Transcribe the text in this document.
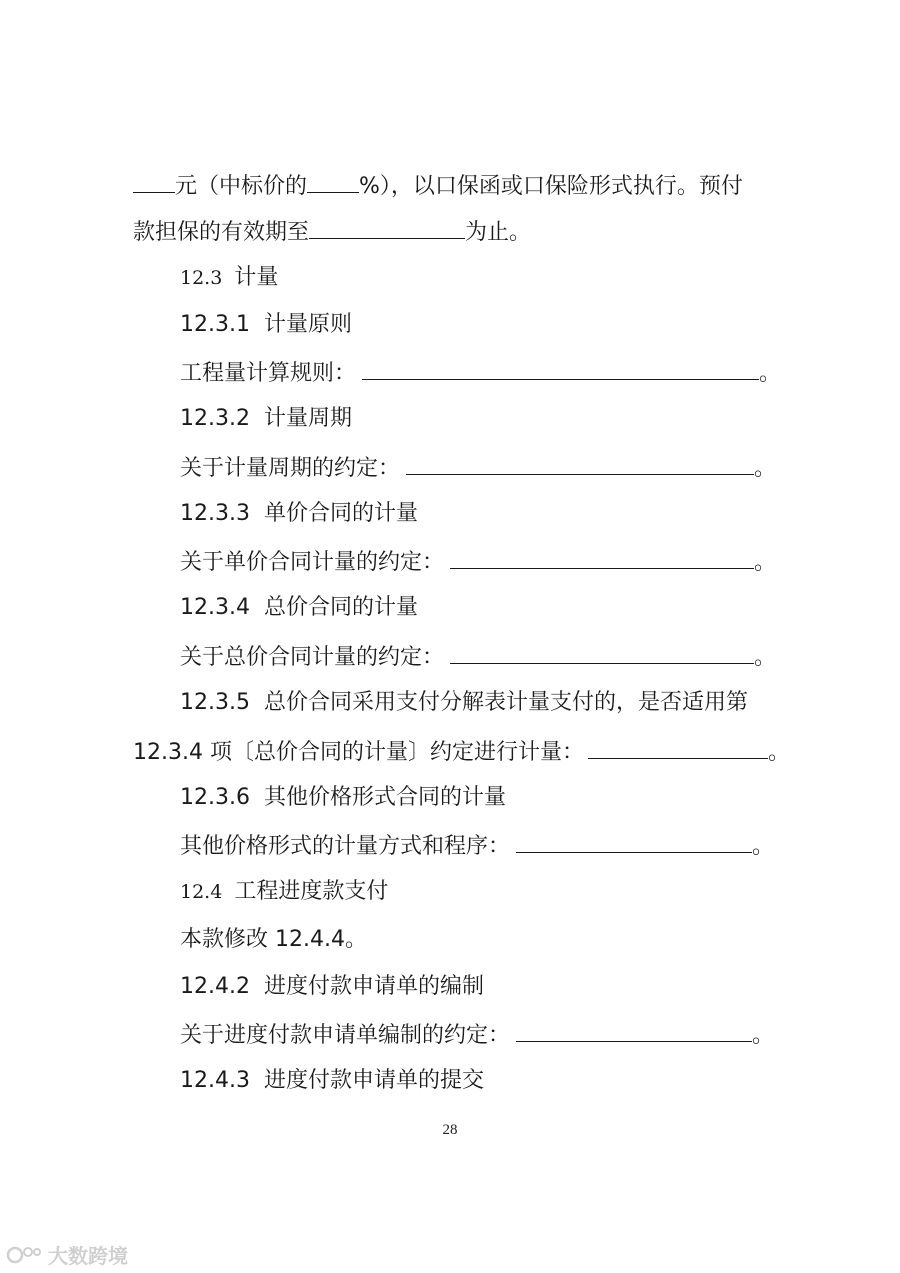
元（中标价的 %），以口保函或口保险形式执行。预付
款担保的有效期至	为止。
12.3 计量
12.3.1  计量原则
工程量计算规则：	。
12.3.2  计量周期
关于计量周期的约定：	。
12.3.3  单价合同的计量
关于单价合同计量的约定：	。
12.3.4  总价合同的计量
关于总价合同计量的约定：	。
12.3.5  总价合同采用支付分解表计量支付的，是否适用第
12.3.4 项〔总价合同的计量〕约定进行计量：	。
12.3.6  其他价格形式合同的计量
其他价格形式的计量方式和程序：	。
12.4 工程进度款支付
本款修改 12.4.4。
12.4.2  进度付款申请单的编制
关于进度付款申请单编制的约定：	。
12.4.3  进度付款申请单的提交
28
大数跨境
